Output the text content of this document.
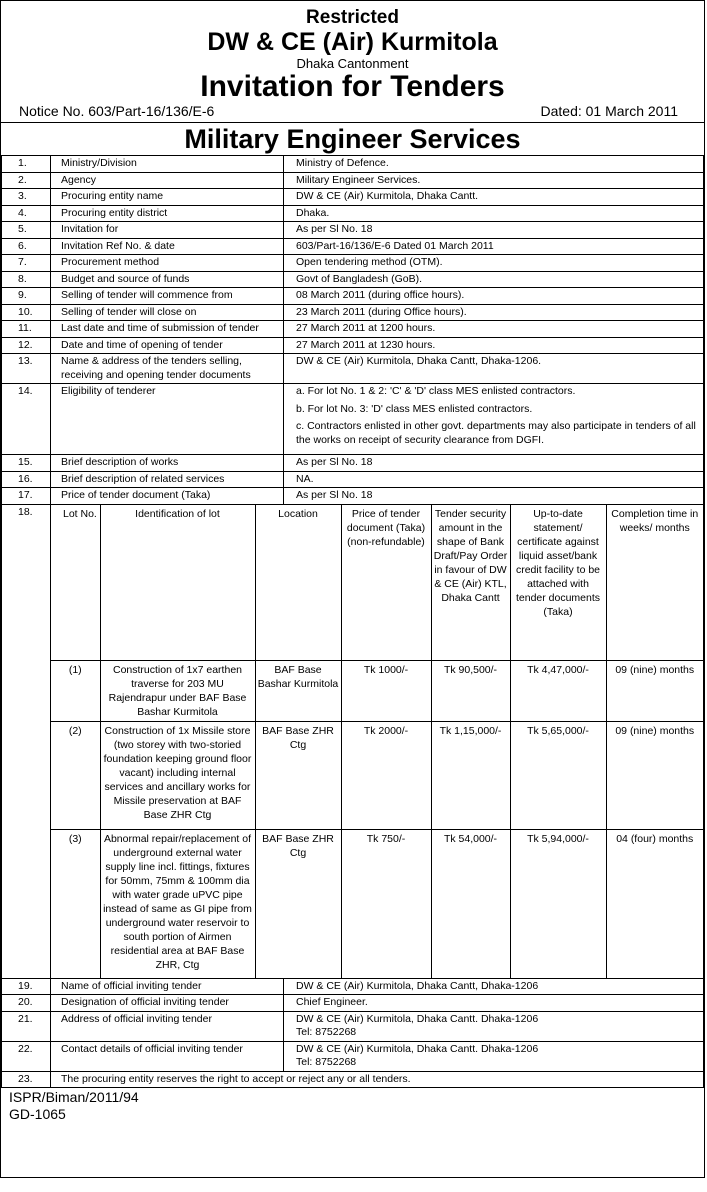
Restricted
DW & CE (Air) Kurmitola
Dhaka Cantonment
Invitation for Tenders
Notice No. 603/Part-16/136/E-6	Dated: 01 March 2011
Military Engineer Services
1.	Ministry/Division	Ministry of Defence.
2.	Agency	Military Engineer Services.
3.	Procuring entity name	DW & CE (Air) Kurmitola, Dhaka Cantt.
4.	Procuring entity district	Dhaka.
5.	Invitation for	As per Sl No. 18
6.	Invitation Ref No. & date	603/Part-16/136/E-6 Dated 01 March 2011
7.	Procurement method	Open tendering method (OTM).
8.	Budget and source of funds	Govt of Bangladesh (GoB).
9.	Selling of tender will commence from	08 March 2011 (during office hours).
10.	Selling of tender will close on	23 March 2011 (during Office hours).
11.	Last date and time of submission of tender	27 March 2011 at 1200 hours.
12.	Date and time of opening of tender	27 March 2011 at 1230 hours.
13.	Name & address of the tenders selling, receiving and opening tender documents	DW & CE (Air) Kurmitola, Dhaka Cantt, Dhaka-1206.
14.	Eligibility of tenderer	a. For lot No. 1 & 2: 'C' & 'D' class MES enlisted contractors.

b. For lot No. 3: 'D' class MES enlisted contractors.

c. Contractors enlisted in other govt. departments may also participate in tenders of all the works on receipt of security clearance from DGFI.

15.	Brief description of works	As per Sl No. 18
16.	Brief description of related services	NA.
17.	Price of tender document (Taka)	As per Sl No. 18
18.		Lot No.	Identification of lot	Location	Price of tender document (Taka) (non-refundable)	Tender security amount in the shape of Bank Draft/Pay Order in favour of DW & CE (Air) KTL, Dhaka Cantt	Up-to-date statement/ certificate against liquid asset/bank credit facility to be attached with tender documents (Taka)	Completion time in weeks/ months
(1)	Construction of 1x7 earthen traverse for 203 MU Rajendrapur under BAF Base Bashar Kurmitola	BAF Base Bashar Kurmitola	Tk 1000/-	Tk 90,500/-	Tk 4,47,000/-	09 (nine) months
(2)	Construction of 1x Missile store (two storey with two-storied foundation keeping ground floor vacant) including internal services and ancillary works for Missile preservation at BAF Base ZHR Ctg	BAF Base ZHR Ctg	Tk 2000/-	Tk 1,15,000/-	Tk 5,65,000/-	09 (nine) months
(3)	Abnormal repair/replacement of underground external water supply line incl. fittings, fixtures for 50mm, 75mm & 100mm dia with water grade uPVC pipe instead of same as GI pipe from underground water reservoir to south portion of Airmen residential area at BAF Base ZHR, Ctg	BAF Base ZHR Ctg	Tk 750/-	Tk 54,000/-	Tk 5,94,000/-	04 (four) months

19.	Name of official inviting tender	DW & CE (Air) Kurmitola, Dhaka Cantt, Dhaka-1206
20.	Designation of official inviting tender	Chief Engineer.
21.	Address of official inviting tender	DW & CE (Air) Kurmitola, Dhaka Cantt. Dhaka-1206
Tel: 8752268

22.	Contact details of official inviting tender	DW & CE (Air) Kurmitola, Dhaka Cantt. Dhaka-1206
Tel: 8752268

23.	The procuring entity reserves the right to accept or reject any or all tenders.
ISPR/Biman/2011/94
GD-1065
